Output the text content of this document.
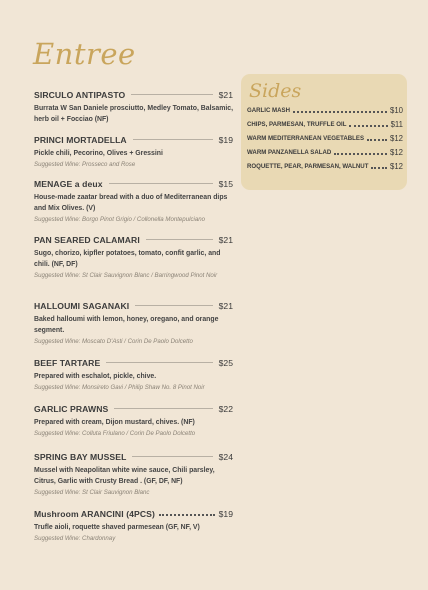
Entree
SIRCULO ANTIPASTO	$21
Burrata W San Daniele prosciutto, Medley Tomato, Balsamic, herb oil + Focciao (NF)
PRINCI MORTADELLA	$19
Pickle chili, Pecorino, Olives + Gressini
Suggested Wine: Prosseco and Rose
MENAGE a deux	$15
House-made zaatar bread with a duo of Mediterranean dips and Mix Olives. (V)
Suggested Wine: Borgo Pinot Grigio / Collonella Montepulciano
PAN SEARED CALAMARI	$21
Sugo, chorizo, kipfler potatoes, tomato, confit garlic, and chili. (NF, DF)
Suggested Wine: St Clair Sauvignon Blanc / Barringwood Pinot Noir
HALLOUMI SAGANAKI	$21
Baked halloumi with lemon, honey, oregano, and orange segment.
Suggested Wine: Moscato D'Asti / Corin De Paolo Dolcetto
BEEF TARTARE	$25
Prepared with eschalot, pickle, chive.
Suggested Wine: Monsireto Gavi / Philip Shaw No. 8 Pinot Noir
GARLIC PRAWNS	$22
Prepared with cream, Dijon mustard, chives. (NF)
Suggested Wine: Colluta Friulano / Corin De Paolo Dolcetto
SPRING BAY MUSSEL	$24
Mussel with Neapolitan white wine sauce, Chili parsley, Citrus, Garlic with Crusty Bread . (GF, DF, NF)
Suggested Wine: St Clair Sauvignon Blanc
Mushroom ARANCINI (4PCS)	$19
Trufle aioli, roquette shaved parmesean (GF, NF, V)
Suggested Wine: Chardonnay
Sides
GARLIC MASH	$10
CHIPS, PARMESAN, TRUFFLE OIL	$11
WARM MEDITERRANEAN VEGETABLES	$12
WARM PANZANELLA SALAD	$12
ROQUETTE, PEAR, PARMESAN, WALNUT	$12
